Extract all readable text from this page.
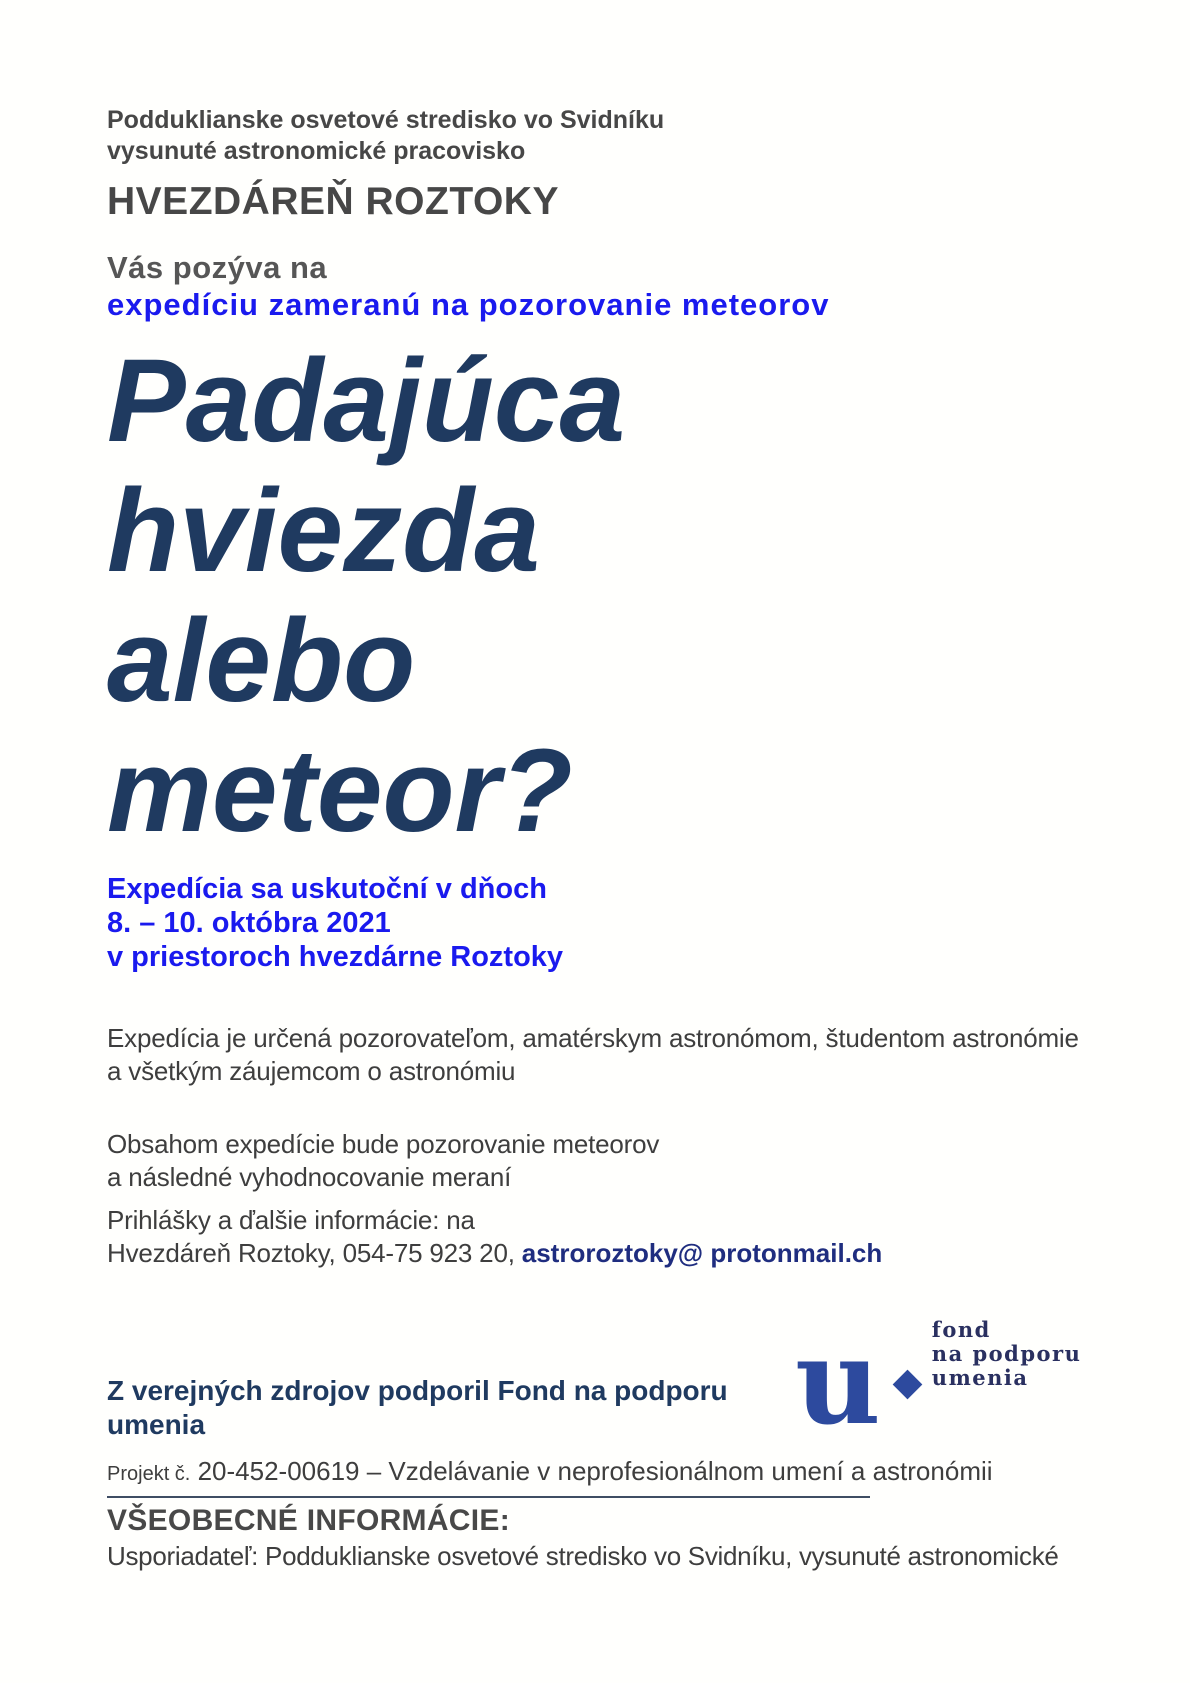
Podduklianske osvetové stredisko vo Svidníku
vysunuté astronomické pracovisko
HVEZDÁREŇ ROZTOKY
Vás pozýva na
expedíciu zameranú na pozorovanie meteorov
Padajúca
hviezda
alebo
meteor?
Expedícia sa uskutoční v dňoch
8. – 10. októbra 2021
v priestoroch hvezdárne Roztoky
Expedícia je určená pozorovateľom, amatérskym astronómom, študentom astronómie
a všetkým záujemcom o astronómiu
Obsahom expedície bude pozorovanie meteorov
a následné vyhodnocovanie meraní
Prihlášky a ďalšie informácie: na
Hvezdáreň Roztoky, 054-75 923 20, astroroztoky@ protonmail.ch
u fond
na podporu
umenia
Z verejných zdrojov podporil Fond na podporu
umenia
Projekt č. 20-452-00619 – Vzdelávanie v neprofesionálnom umení a astronómii
VŠEOBECNÉ INFORMÁCIE:
Usporiadateľ: Podduklianske osvetové stredisko vo Svidníku, vysunuté astronomické
